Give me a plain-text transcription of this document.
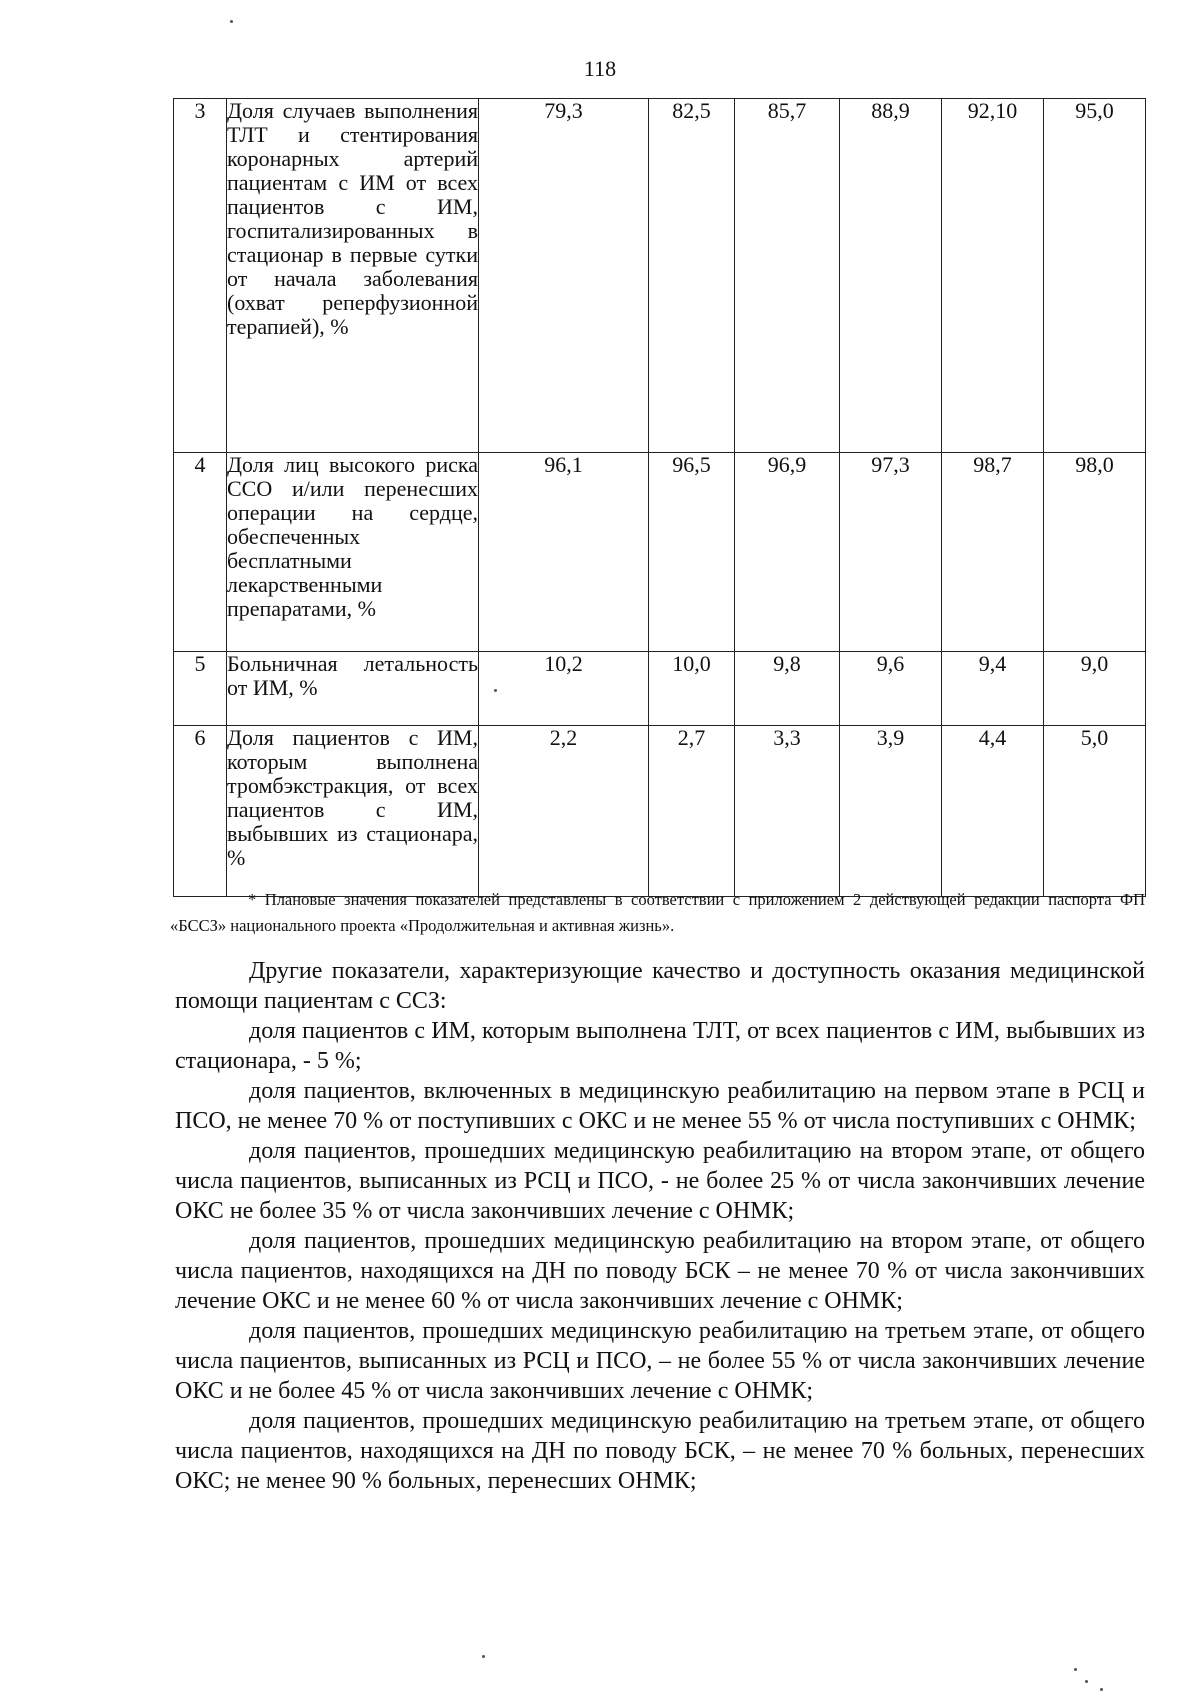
118
3	Доля случаев выполнения ТЛТ и стентирования коронарных артерий пациентам с ИМ от всех пациентов с ИМ, госпитализированных в стационар в первые сутки от начала заболевания (охват реперфузионной терапией), %	79,3	82,5	85,7	88,9	92,10	95,0
4	Доля лиц высокого риска ССО и/или перенесших операции на сердце, обеспеченных бесплатными лекарственными препаратами, %	96,1	96,5	96,9	97,3	98,7	98,0
5	Больничная летальность от ИМ, %	10,2	10,0	9,8	9,6	9,4	9,0
6	Доля пациентов с ИМ, которым выполнена тромбэкстракция, от всех пациентов с ИМ, выбывших из стационара, %	2,2	2,7	3,3	3,9	4,4	5,0
* Плановые значения показателей представлены в соответствии с приложением 2 действующей редакции паспорта ФП «БССЗ» национального проекта «Продолжительная и активная жизнь».

Другие показатели, характеризующие качество и доступность оказания медицинской помощи пациентам с ССЗ:

доля пациентов с ИМ, которым выполнена ТЛТ, от всех пациентов с ИМ, выбывших из стационара, - 5 %;

доля пациентов, включенных в медицинскую реабилитацию на первом этапе в РСЦ и ПСО, не менее 70 % от поступивших с ОКС и не менее 55 % от числа поступивших с ОНМК;

доля пациентов, прошедших медицинскую реабилитацию на втором этапе, от общего числа пациентов, выписанных из РСЦ и ПСО, - не более 25 % от числа закончивших лечение ОКС не более 35 % от числа закончивших лечение с ОНМК;

доля пациентов, прошедших медицинскую реабилитацию на втором этапе, от общего числа пациентов, находящихся на ДН по поводу БСК – не менее 70 % от числа закончивших лечение ОКС и не менее 60 % от числа закончивших лечение с ОНМК;

доля пациентов, прошедших медицинскую реабилитацию на третьем этапе, от общего числа пациентов, выписанных из РСЦ и ПСО, – не более 55 % от числа закончивших лечение ОКС и не более 45 % от числа закончивших лечение с ОНМК;

доля пациентов, прошедших медицинскую реабилитацию на третьем этапе, от общего числа пациентов, находящихся на ДН по поводу БСК, – не менее 70 % больных, перенесших ОКС; не менее 90 % больных, перенесших ОНМК;
